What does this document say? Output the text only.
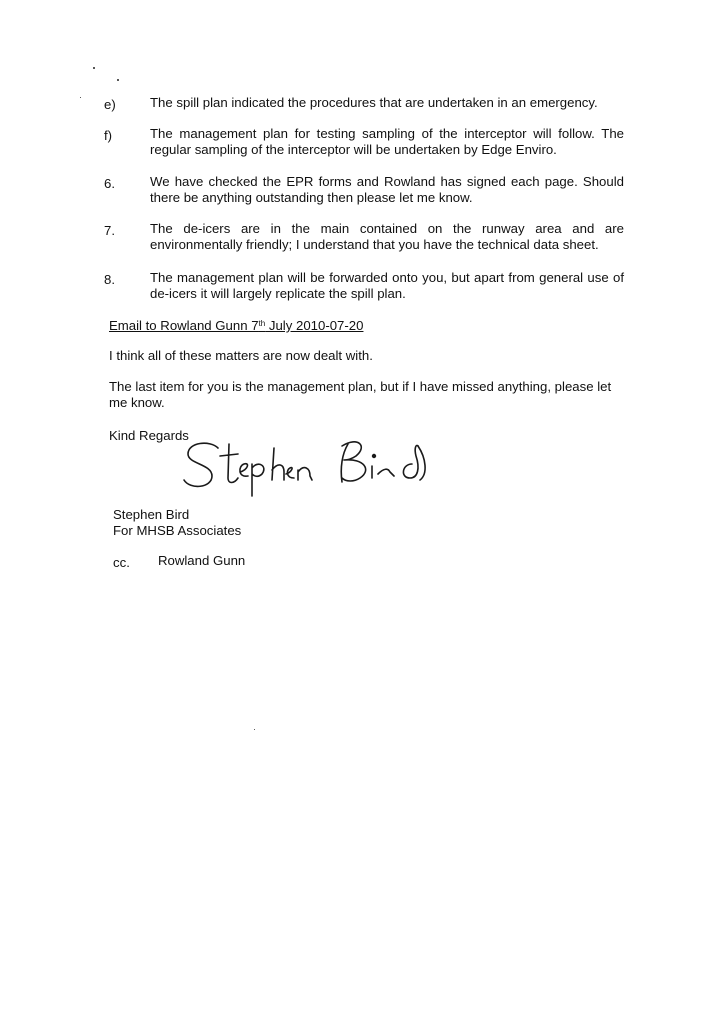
e)	The spill plan indicated the procedures that are undertaken in an emergency.
f)	The management plan for testing sampling of the interceptor will follow. The regular sampling of the interceptor will be undertaken by Edge Enviro.
6.	We have checked the EPR forms and Rowland has signed each page. Should there be anything outstanding then please let me know.
7.	The de-icers are in the main contained on the runway area and are environmentally friendly; I understand that you have the technical data sheet.
8.	The management plan will be forwarded onto you, but apart from general use of de-icers it will largely replicate the spill plan.
Email to Rowland Gunn 7th July 2010-07-20
I think all of these matters are now dealt with.
The last item for you is the management plan, but if I have missed anything, please let me know.
Kind Regards
Stephen Bird
For MHSB Associates
cc. Rowland Gunn
